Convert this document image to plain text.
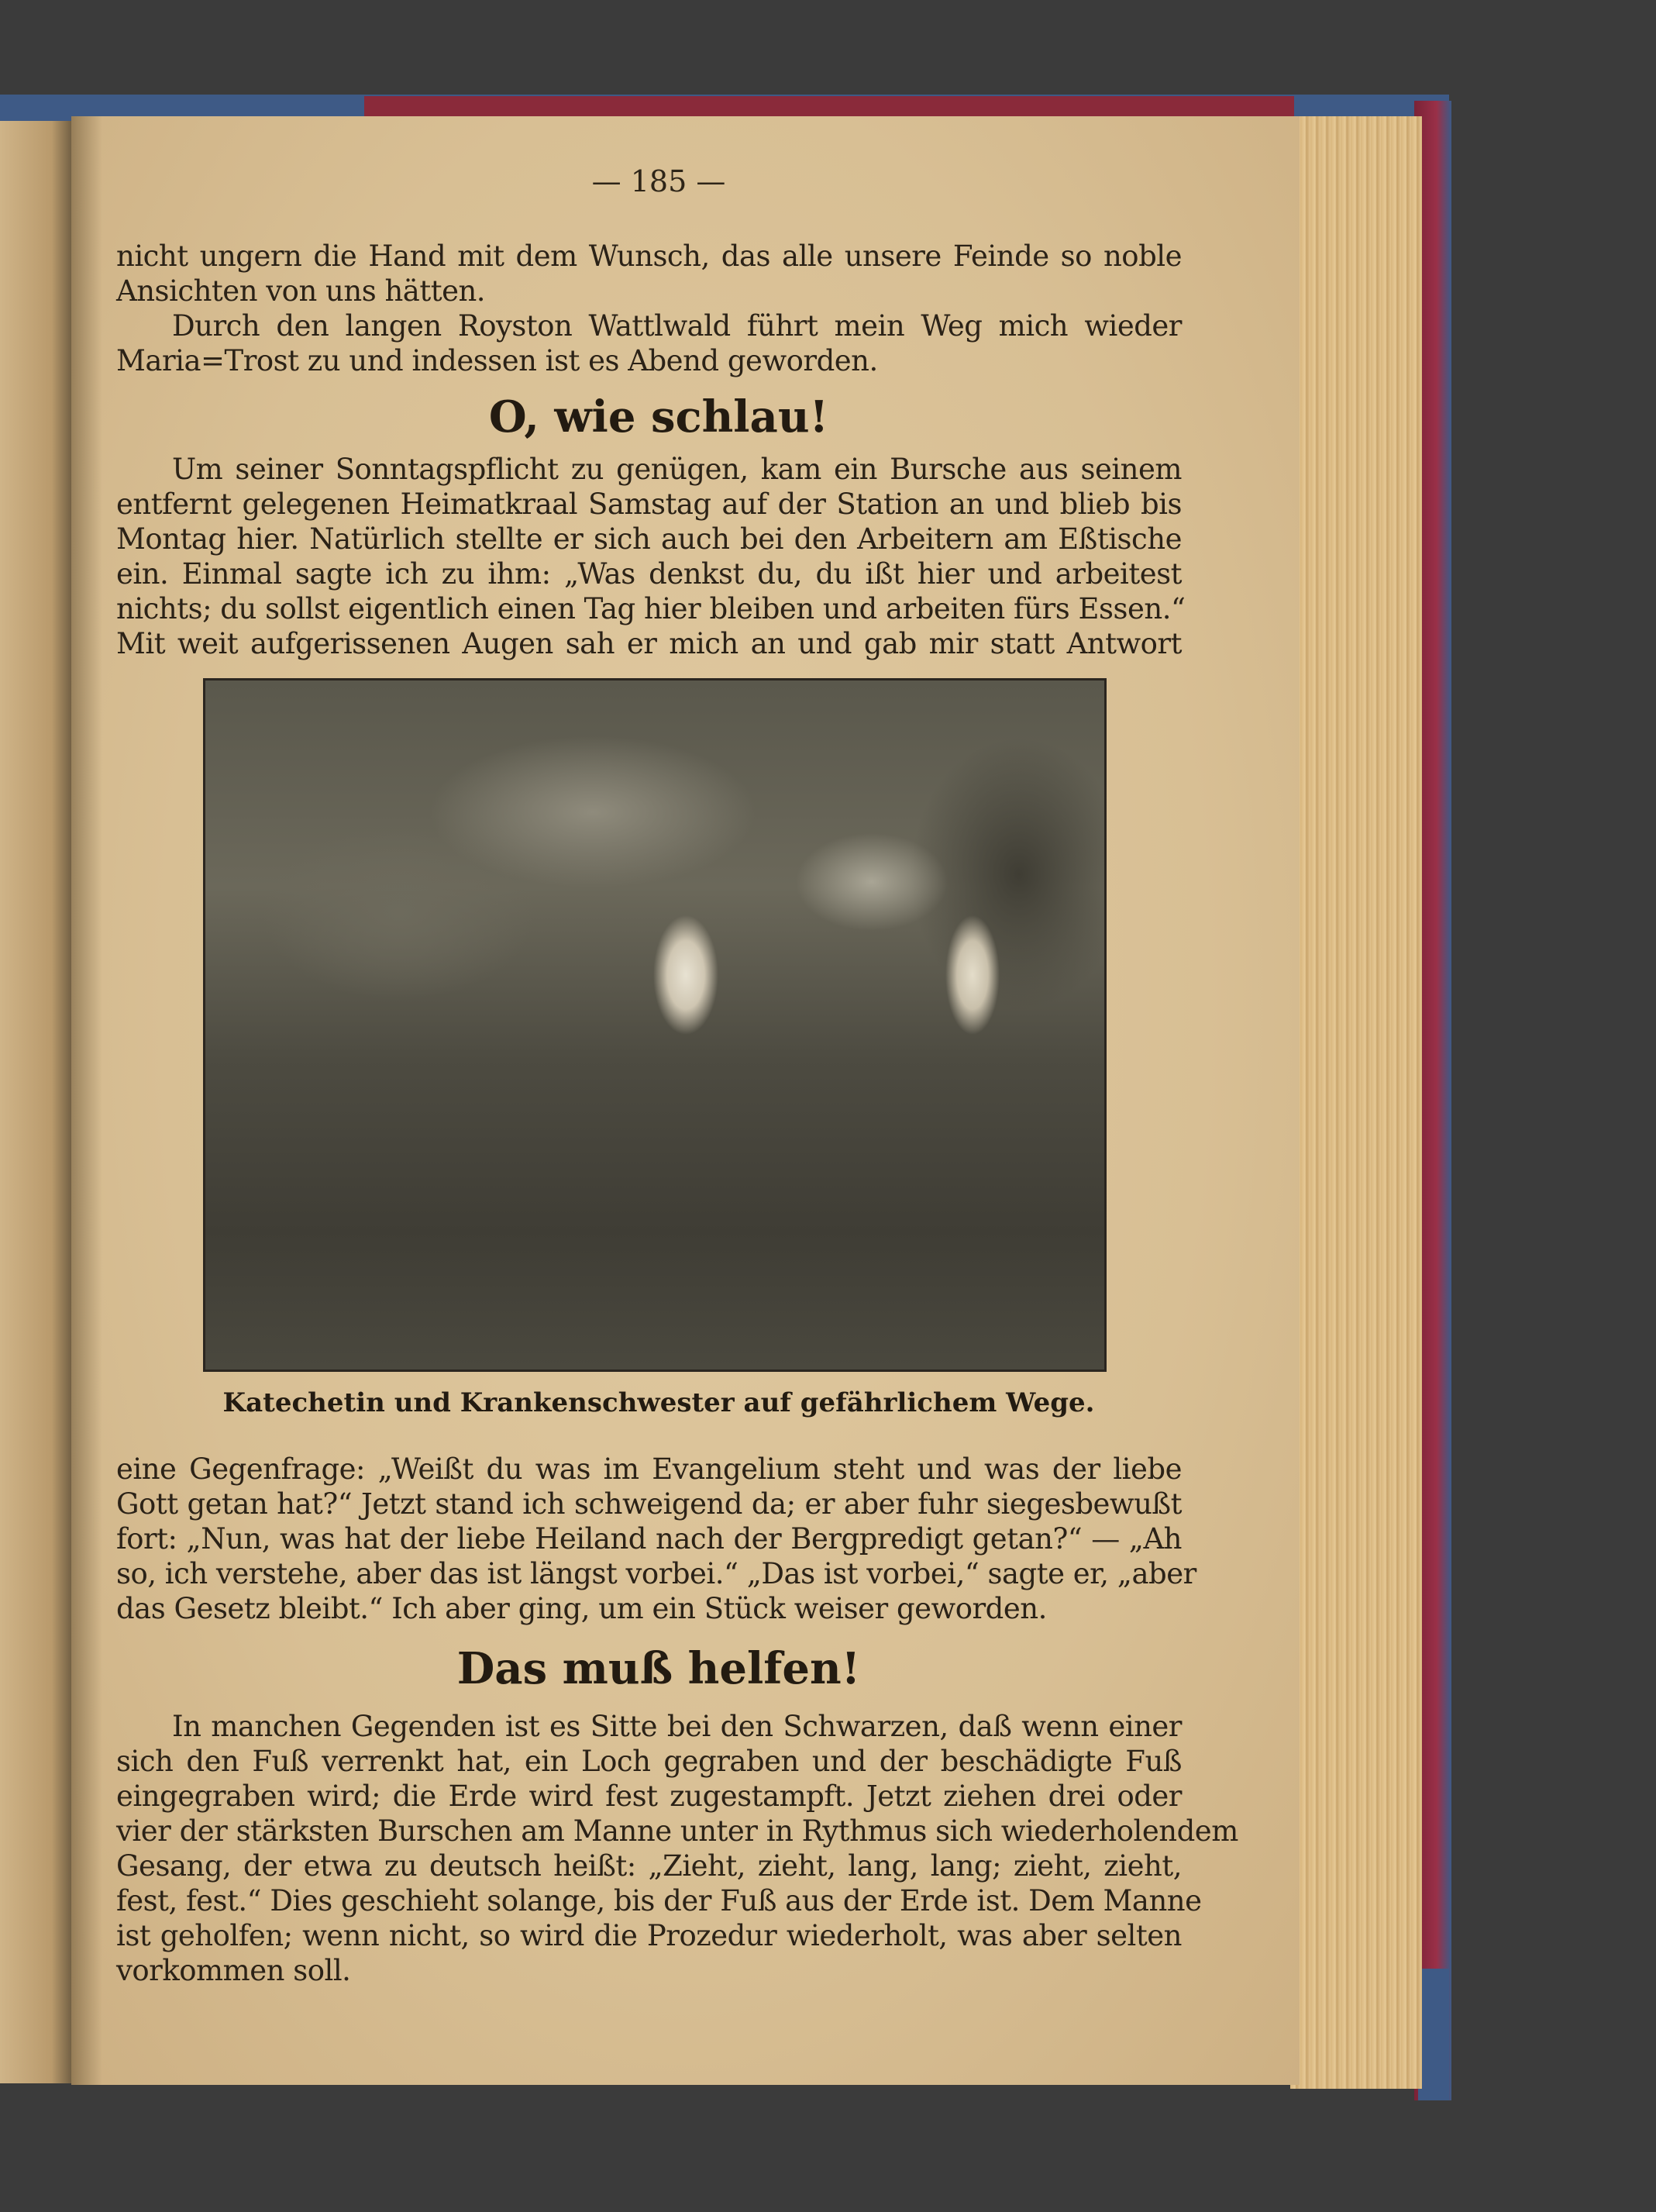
— 185 —
nicht ungern die Hand mit dem Wunsch, das alle unsere Feinde so noble
Ansichten von uns hätten.
Durch den langen Royston Wattlwald führt mein Weg mich wieder
Maria=Trost zu und indessen ist es Abend geworden.
O, wie schlau!
Um seiner Sonntagspflicht zu genügen, kam ein Bursche aus seinem
entfernt gelegenen Heimatkraal Samstag auf der Station an und blieb bis
Montag hier. Natürlich stellte er sich auch bei den Arbeitern am Eßtische
ein. Einmal sagte ich zu ihm: „Was denkst du, du ißt hier und arbeitest
nichts; du sollst eigentlich einen Tag hier bleiben und arbeiten fürs Essen.“
Mit weit aufgerissenen Augen sah er mich an und gab mir statt Antwort
Katechetin und Krankenschwester auf gefährlichem Wege.
eine Gegenfrage: „Weißt du was im Evangelium steht und was der liebe
Gott getan hat?“ Jetzt stand ich schweigend da; er aber fuhr siegesbewußt
fort: „Nun, was hat der liebe Heiland nach der Bergpredigt getan?“ — „Ah
so, ich verstehe, aber das ist längst vorbei.“ „Das ist vorbei,“ sagte er, „aber
das Gesetz bleibt.“ Ich aber ging, um ein Stück weiser geworden.
Das muß helfen!
In manchen Gegenden ist es Sitte bei den Schwarzen, daß wenn einer
sich den Fuß verrenkt hat, ein Loch gegraben und der beschädigte Fuß
eingegraben wird; die Erde wird fest zugestampft. Jetzt ziehen drei oder
vier der stärksten Burschen am Manne unter in Rythmus sich wiederholendem
Gesang, der etwa zu deutsch heißt: „Zieht, zieht, lang, lang; zieht, zieht,
fest, fest.“ Dies geschieht solange, bis der Fuß aus der Erde ist. Dem Manne
ist geholfen; wenn nicht, so wird die Prozedur wiederholt, was aber selten
vorkommen soll.
